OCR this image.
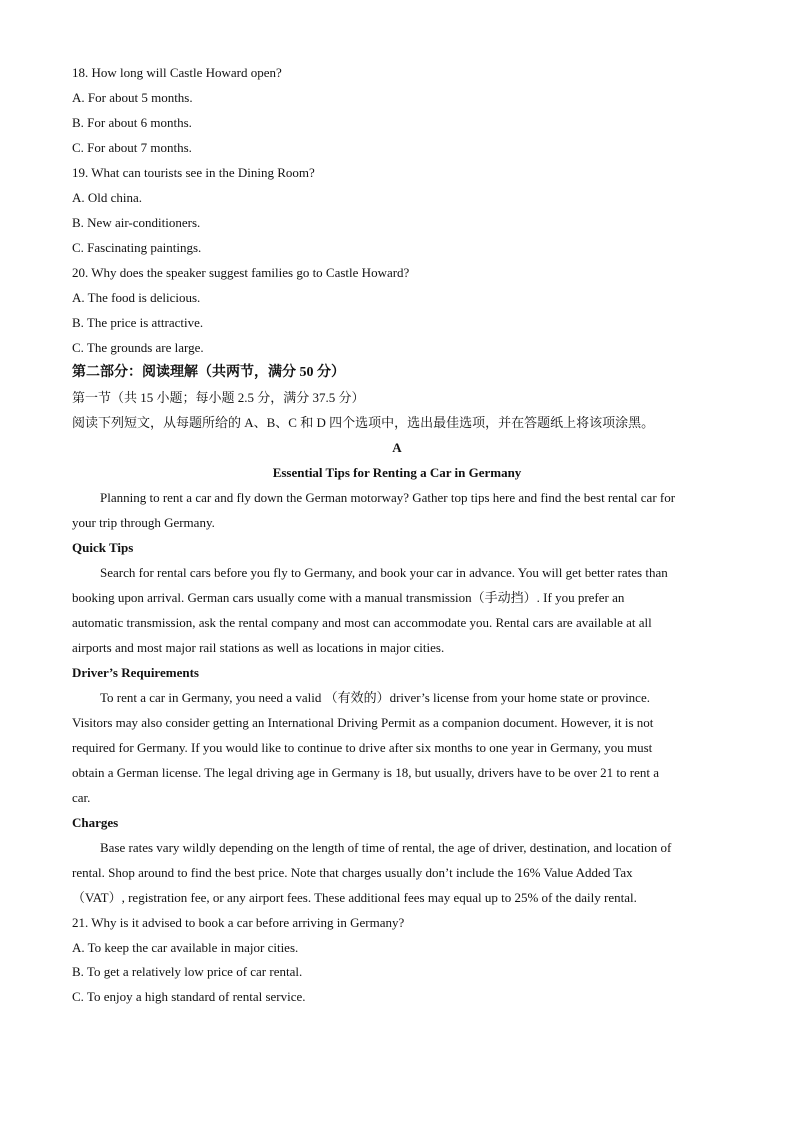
18. How long will Castle Howard open?
A. For about 5 months.
B. For about 6 months.
C. For about 7 months.
19. What can tourists see in the Dining Room?
A. Old china.
B. New air-conditioners.
C. Fascinating paintings.
20. Why does the speaker suggest families go to Castle Howard?
A. The food is delicious.
B. The price is attractive.
C. The grounds are large.
第二部分：阅读理解（共两节，满分 50 分）
第一节（共 15 小题；每小题 2.5 分，满分 37.5 分）
阅读下列短文，从每题所给的 A、B、C 和 D 四个选项中，选出最佳选项，并在答题纸上将该项涂黑。
A
Essential Tips for Renting a Car in Germany
Planning to rent a car and fly down the German motorway? Gather top tips here and find the best rental car for
your trip through Germany.
Quick Tips
Search for rental cars before you fly to Germany, and book your car in advance. You will get better rates than
booking upon arrival. German cars usually come with a manual transmission（手动挡）. If you prefer an
automatic transmission, ask the rental company and most can accommodate you. Rental cars are available at all
airports and most major rail stations as well as locations in major cities.
Driver’s Requirements
To rent a car in Germany, you need a valid （有效的）driver’s license from your home state or province.
Visitors may also consider getting an International Driving Permit as a companion document. However, it is not
required for Germany. If you would like to continue to drive after six months to one year in Germany, you must
obtain a German license. The legal driving age in Germany is 18, but usually, drivers have to be over 21 to rent a
car.
Charges
Base rates vary wildly depending on the length of time of rental, the age of driver, destination, and location of
rental. Shop around to find the best price. Note that charges usually don’t include the 16% Value Added Tax
（VAT）, registration fee, or any airport fees. These additional fees may equal up to 25% of the daily rental.
21. Why is it advised to book a car before arriving in Germany?
A. To keep the car available in major cities.
B. To get a relatively low price of car rental.
C. To enjoy a high standard of rental service.
